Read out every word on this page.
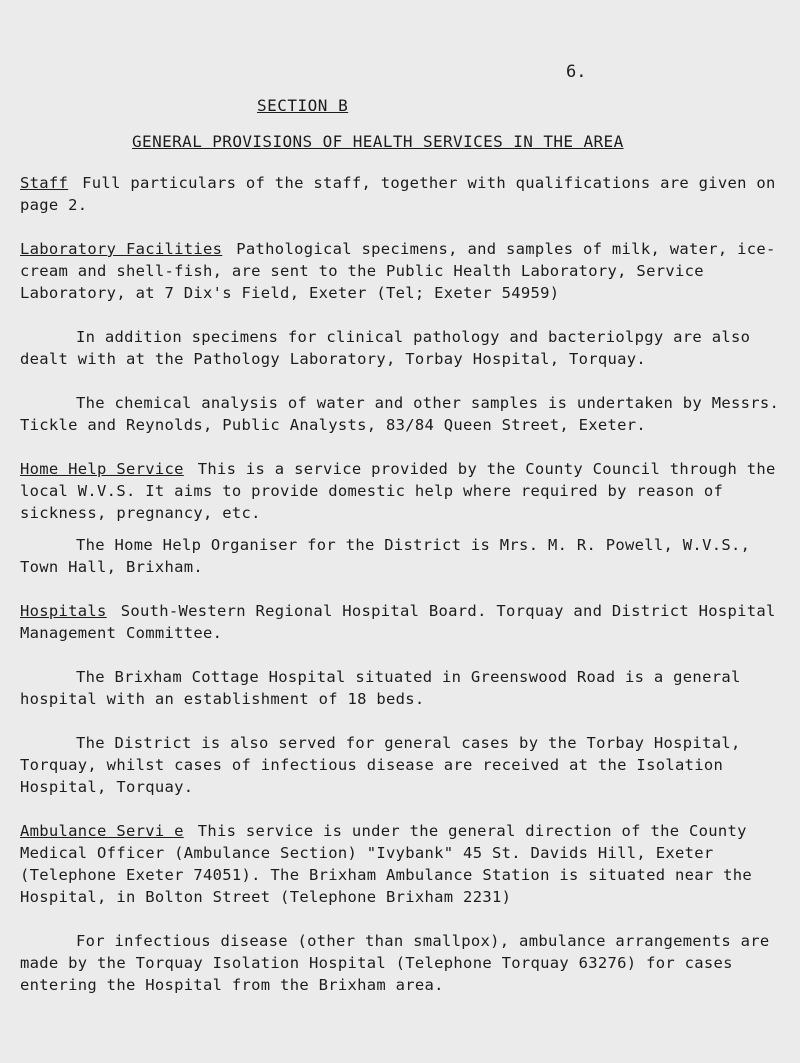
6.
SECTION B
GENERAL PROVISIONS OF HEALTH SERVICES IN THE AREA

Staff Full particulars of the staff, together with qualifications are given on page 2.

Laboratory Facilities Pathological specimens, and samples of milk, water, ice-cream and shell-fish, are sent to the Public Health Laboratory, Service Laboratory, at 7 Dix's Field, Exeter (Tel; Exeter 54959)

In addition specimens for clinical pathology and bacteriolpgy are also dealt with at the Pathology Laboratory, Torbay Hospital, Torquay.
The chemical analysis of water and other samples is undertaken by Messrs. Tickle and Reynolds, Public Analysts, 83/84 Queen Street, Exeter.

Home Help Service This is a service provided by the County Council through the local W.V.S. It aims to provide domestic help where required by reason of sickness, pregnancy, etc.

The Home Help Organiser for the District is Mrs. M. R. Powell, W.V.S., Town Hall, Brixham.

Hospitals South-Western Regional Hospital Board. Torquay and District Hospital Management Committee.

The Brixham Cottage Hospital situated in Greenswood Road is a general hospital with an establishment of 18 beds.
The District is also served for general cases by the Torbay Hospital, Torquay, whilst cases of infectious disease are received at the Isolation Hospital, Torquay.

Ambulance Servi e This service is under the general direction of the County Medical Officer (Ambulance Section) "Ivybank" 45 St. Davids Hill, Exeter (Telephone Exeter 74051). The Brixham Ambulance Station is situated near the Hospital, in Bolton Street (Telephone Brixham 2231)

For infectious disease (other than smallpox), ambulance arrangements are made by the Torquay Isolation Hospital (Telephone Torquay 63276) for cases entering the Hospital from the Brixham area.
